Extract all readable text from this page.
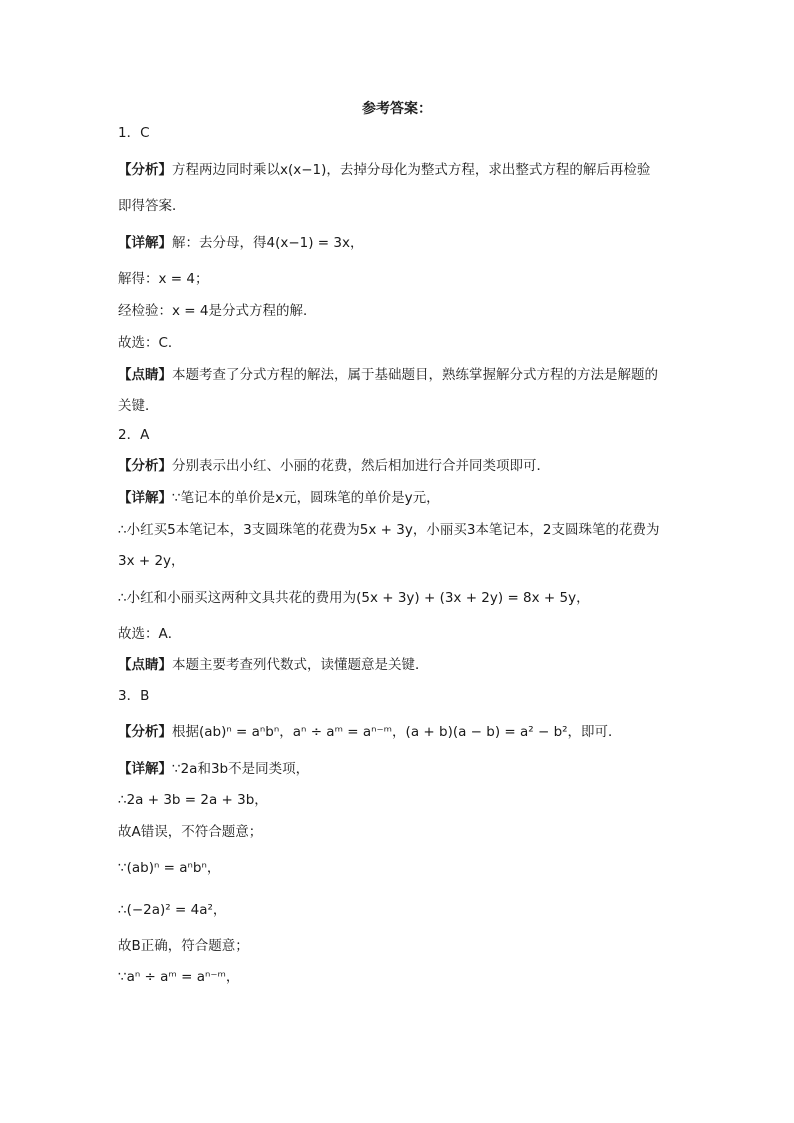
参考答案：
1．C
【分析】方程两边同时乘以x(x−1)，去掉分母化为整式方程，求出整式方程的解后再检验
即得答案．
【详解】解：去分母，得4(x−1) = 3x，
解得：x = 4；
经检验：x = 4是分式方程的解．
故选：C．
【点睛】本题考查了分式方程的解法，属于基础题目，熟练掌握解分式方程的方法是解题的
关键．
2．A
【分析】分别表示出小红、小丽的花费，然后相加进行合并同类项即可．
【详解】∵笔记本的单价是x元，圆珠笔的单价是y元，
∴小红买5本笔记本，3支圆珠笔的花费为5x + 3y，小丽买3本笔记本，2支圆珠笔的花费为
3x + 2y，
∴小红和小丽买这两种文具共花的费用为(5x + 3y) + (3x + 2y) = 8x + 5y，
故选：A．
【点睛】本题主要考查列代数式，读懂题意是关键．
3．B
【分析】根据(ab)ⁿ = aⁿbⁿ，aⁿ ÷ aᵐ = aⁿ⁻ᵐ，(a + b)(a − b) = a² − b²，即可．
【详解】∵2a和3b不是同类项，
∴2a + 3b = 2a + 3b，
故A错误，不符合题意；
∵(ab)ⁿ = aⁿbⁿ，
∴(−2a)² = 4a²，
故B正确，符合题意；
∵aⁿ ÷ aᵐ = aⁿ⁻ᵐ，
